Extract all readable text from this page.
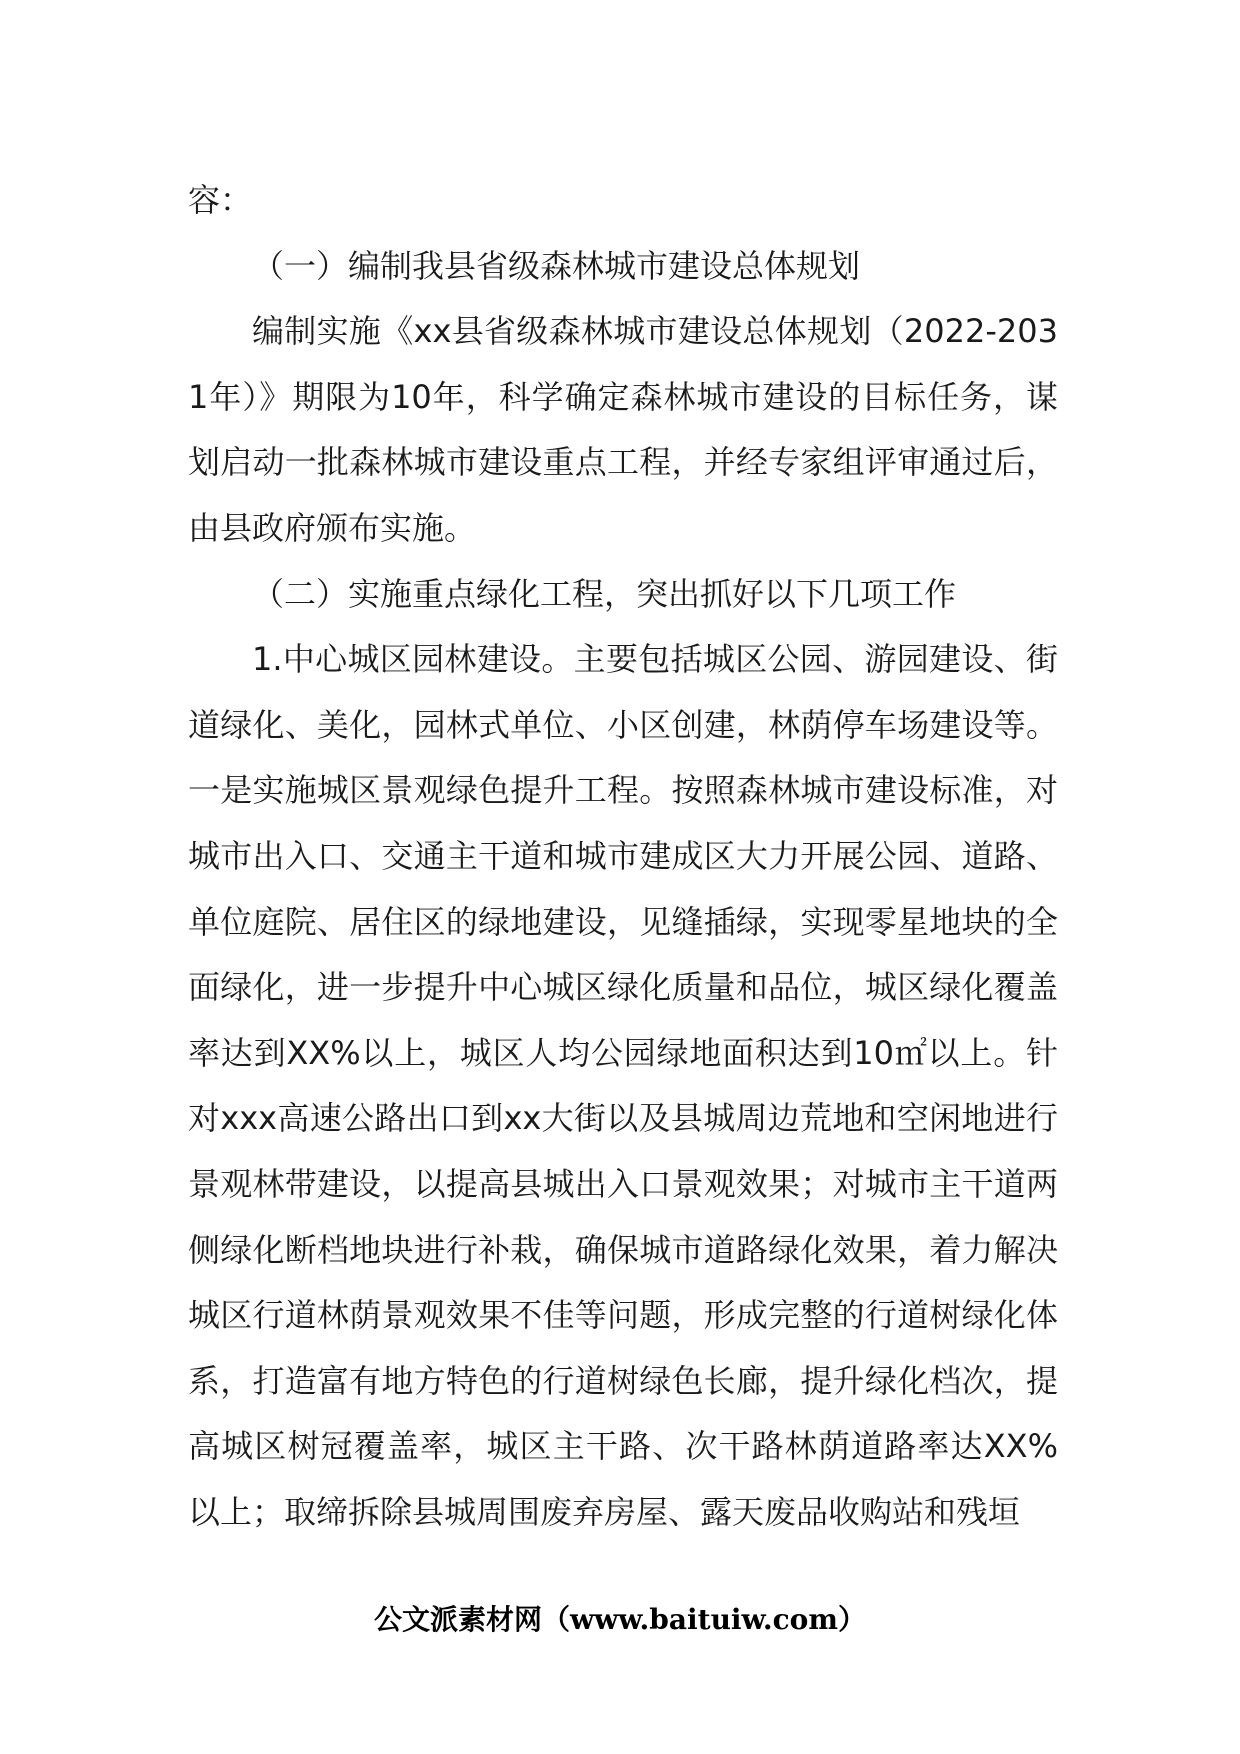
容：

（一）编制我县省级森林城市建设总体规划

编制实施《xx县省级森林城市建设总体规划（2022-2031年）》期限为10年，科学确定森林城市建设的目标任务，谋划启动一批森林城市建设重点工程，并经专家组评审通过后，由县政府颁布实施。

（二）实施重点绿化工程，突出抓好以下几项工作

1.中心城区园林建设。主要包括城区公园、游园建设、街道绿化、美化，园林式单位、小区创建，林荫停车场建设等。一是实施城区景观绿色提升工程。按照森林城市建设标准，对城市出入口、交通主干道和城市建成区大力开展公园、道路、单位庭院、居住区的绿地建设，见缝插绿，实现零星地块的全面绿化，进一步提升中心城区绿化质量和品位，城区绿化覆盖率达到XX%以上，城区人均公园绿地面积达到10㎡以上。针对xxx高速公路出口到xx大街以及县城周边荒地和空闲地进行景观林带建设，以提高县城出入口景观效果；对城市主干道两侧绿化断档地块进行补栽，确保城市道路绿化效果，着力解决城区行道林荫景观效果不佳等问题，形成完整的行道树绿化体系，打造富有地方特色的行道树绿色长廊，提升绿化档次，提高城区树冠覆盖率，城区主干路、次干路林荫道路率达XX%以上；取缔拆除县城周围废弃房屋、露天废品收购站和残垣

公文派素材网（www.baituiw.com）
